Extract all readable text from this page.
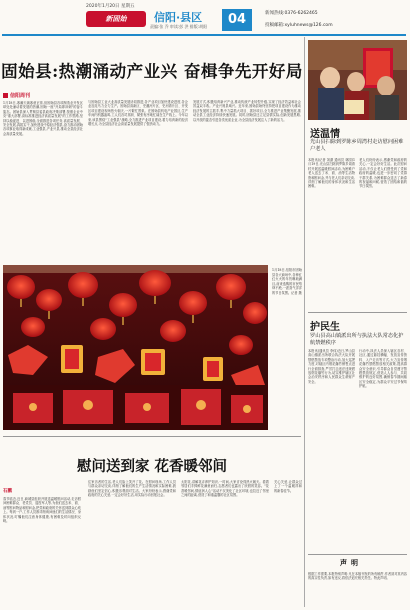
2020年1月20日 星期五
新固始	信阳·县区
责编:张 乔 审读:彭 洪 排版:胡阳	04	新闻热线:0376-6262465
投稿邮箱:xyluhnews@126.com
固始县:热潮涌动产业兴 奋楫争先开好局
信阳周刊
1月18日,寒潮天减寒意正浓,但固始县各项制造业开发区却处处涌动着发展的热潮,固始一座"开局即冲刺"的奋斗姿态。固始县深入贯彻县委县政府决策部署,按照企业中央"重大部署,高标准推进经济高质量发展"的工作思路,坚持以稳促进、以进固稳,全面推进各项任务,高质量发展、安全发展,真抓实干,加快建设中原经济强县,奋力推动固始各项事业取得新成就,工业强县,产业兴县,推动全县经济社会高质量发展。
与固始县工业大业高质量发展协同推进,各产业项目加快建设进度,各企业加足马力全力生产。固始县高新区、史灌河片区、史河湾片区、开发区项目建设现场热火朝天,一片繁忙景象。在固始县机电产业园区,生产车间内机器轰鸣,工人们各司其职、紧张有序地忙碌在生产线上。今年以来,该县围绕"工业强县"战略,全力推进产业项目建设,着力培育新的经济增长点,为全县经济社会高质量发展提供了强劲动力。
发展方式,积极培育新兴产业,推动传统产业转型升级,实现了经济效益和社会效益双丰收。产业兴则县域兴。近年来,固始县始终坚持把项目建设作为推动经济发展的主抓手,集中力量抓大项目、抓好项目,全力推进产业集聚发展,推动全县工业经济持续快速发展。同时,固始县还立足县情实际,创新发展思路,以开放的姿态引进各类优质企业,为全县经济发展注入了新的活力。
1月18日,信阳市固始县各大商场中,各种红红火火的年货琳琅满目,前来选购的市民络绎不绝,一派喜气洋洋的节日氛围。记者 摄
慰问送到家 花香暖邻间
石鹏
春节临近,近日,商城县组织开展送温暖慰问活动,走访慰问困难群众、老党员、退役军人等,为他们送去米、面、油等慰问物品和慰问金,把党和政府的关怀送到群众心坎上。每到一户,工作人员都详细询问他们的生活情况、身体状况,叮嘱他们注意身体健康,有困难及时向组织反映。
住家访者的生活,老人们脸上笑开了花。在慰问现场,工作人员与群众亲切交谈,详细了解他们的生产生活情况和实际困难,鼓励他们坚定信心,积极乐观面对生活。大家纷纷表示,感谢党和政府的关心关爱,一定会好好生活,用实际行动回报社会。
太阳花,讲解花卉养护知识,一时间,大家讨论得热火朝天。看着邻居们手捧鲜花满意而归,志愿者们也露出了欣慰的笑容。"花香暖邻间,情谊润人心"活动不仅美化了社区环境,也拉近了邻里之间的距离,营造了和谐温馨的社区氛围。
关心关爱,让群众过上了一个温暖祥和的新春佳节。
送温情
光山县扫除到罗陈乡周湾村走访慰问困难户老人
本报讯(记者 刘潇 通讯员 林园)1月19日,光山县扫除到罗陈乡周湾村开展送温暖慰问活动,为困难户老人送去了米、面、油等生活物资和慰问金,并与老人们亲切交谈,详细了解他们的身体状况和生活困难。
老人们纷纷表示,感谢党和政府的关心,一定会好好生活。此次慰问活动,不仅让老人们感受到了党和政府的温暖,也进一步密切了党群干群关系,为困难群众送去了新春的祝福和问候,营造了团结和谐的节日氛围。
护民生
罗山县高山镇派出所与执法大队常态化护航禁燃秩序
本报讯(通讯员 李伟)近日,罗山县高山镇派出所联合执法大队开展禁燃禁放专项整治行动,加大巡逻力度,对辖区内烟花爆竹销售点进行全面排查,严厉打击违法违规燃放烟花爆竹行为,切实维护辖区社会治安秩序和人民群众生命财产安全。
行动中,执法人员深入辖区各村、社区,通过悬挂横幅、发放宣传资料、入户走访等方式,大力宣传烟花爆竹禁燃禁放相关政策,提高群众安全意识,引导群众自觉遵守禁燃禁放规定,营造人人参与、共同维护的良好氛围,确保春节期间辖区安全稳定,为群众平安过节保驾护航。
声明
根据工作需要,本报特别声明:凡在本版刊发的所有稿件,作者须对其内容的真实性负责,如有违反,将依法追究相关责任。特此声明。
